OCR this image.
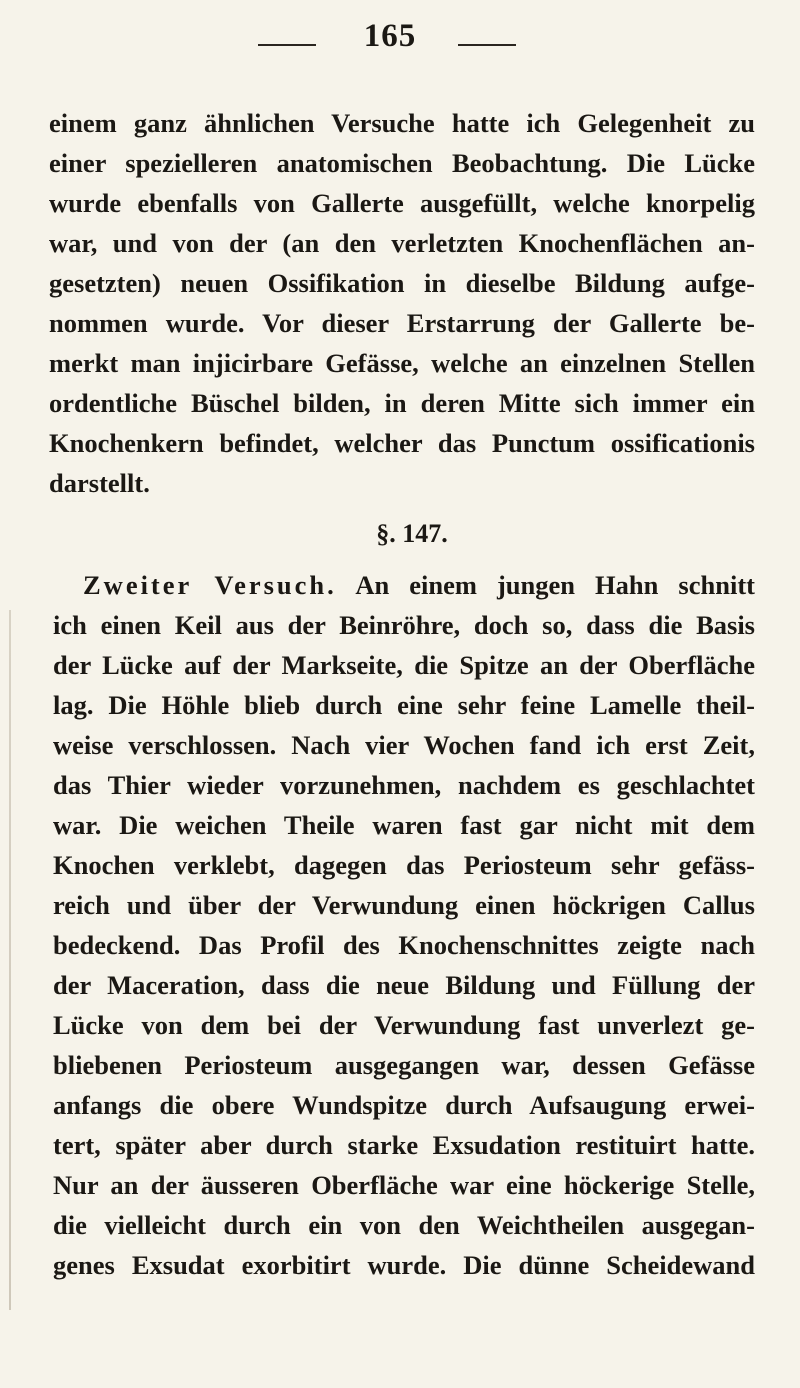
165
einem ganz ähnlichen Versuche hatte ich Gelegenheit zu
einer spezielleren anatomischen Beobachtung. Die Lücke
wurde ebenfalls von Gallerte ausgefüllt, welche knorpelig
war, und von der (an den verletzten Knochenflächen an-
gesetzten) neuen Ossifikation in dieselbe Bildung aufge-
nommen wurde. Vor dieser Erstarrung der Gallerte be-
merkt man injicirbare Gefässe, welche an einzelnen Stellen
ordentliche Büschel bilden, in deren Mitte sich immer ein
Knochenkern befindet, welcher das Punctum ossificationis
darstellt.
§. 147.
Zweiter Versuch. An einem jungen Hahn schnitt
ich einen Keil aus der Beinröhre, doch so, dass die Basis
der Lücke auf der Markseite, die Spitze an der Oberfläche
lag. Die Höhle blieb durch eine sehr feine Lamelle theil-
weise verschlossen. Nach vier Wochen fand ich erst Zeit,
das Thier wieder vorzunehmen, nachdem es geschlachtet
war. Die weichen Theile waren fast gar nicht mit dem
Knochen verklebt, dagegen das Periosteum sehr gefäss-
reich und über der Verwundung einen höckrigen Callus
bedeckend. Das Profil des Knochenschnittes zeigte nach
der Maceration, dass die neue Bildung und Füllung der
Lücke von dem bei der Verwundung fast unverlezt ge-
bliebenen Periosteum ausgegangen war, dessen Gefässe
anfangs die obere Wundspitze durch Aufsaugung erwei-
tert, später aber durch starke Exsudation restituirt hatte.
Nur an der äusseren Oberfläche war eine höckerige Stelle,
die vielleicht durch ein von den Weichtheilen ausgegan-
genes Exsudat exorbitirt wurde. Die dünne Scheidewand
